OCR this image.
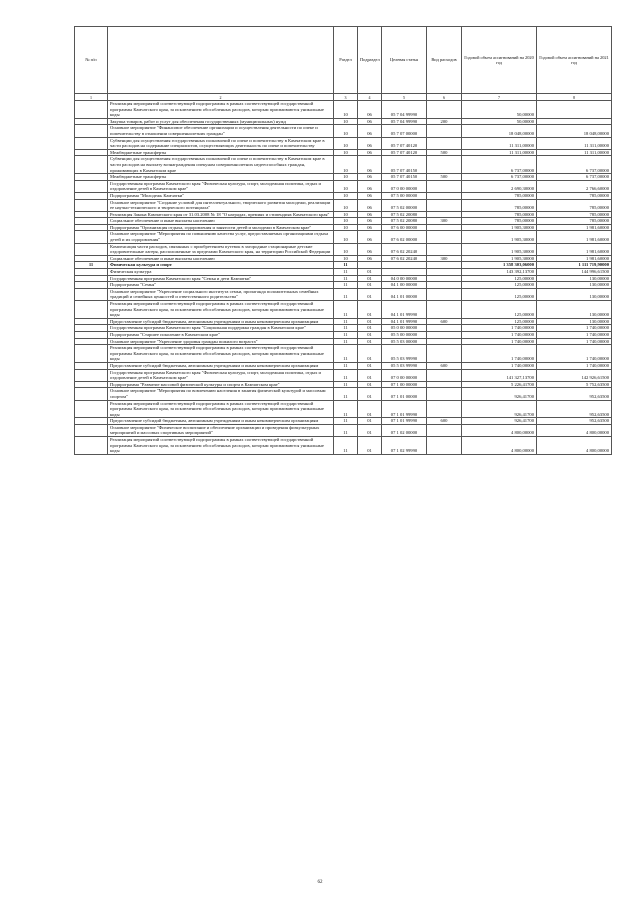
№ п/п		Раздел	Подраздел	Целевая статья	Вид расходов	Годовой объем ассигнований на 2020 год	Годовой объем ассигнований на 2021 год
1	2	3	4	5	6	7	8
	Реализация мероприятий соответствующей подпрограммы в рамках соответствующей государственной программы Камчатского края, за исключением обособленных расходов, которым присваиваются уникальные коды	10	06	05 7 04 99990		50,00000	
	Закупка товаров, работ и услуг для обеспечения государственных (муниципальных) нужд	10	06	05 7 04 99990	200	50,00000	
	Основное мероприятие "Финансовое обеспечение организации и осуществления деятельности по опеке и попечительству в отношении совершеннолетних граждан"	10	06	05 7 07 00000		18 048,00000	18 048,00000
	Субвенции для осуществления государственных полномочий по опеке и попечительству в Камчатском крае в части расходов на содержание специалистов, осуществляющих деятельность по опеке и попечительству	10	06	05 7 07 40120		11 311,00000	11 311,00000
	Межбюджетные трансферты	10	06	05 7 07 40120	500	11 311,00000	11 311,00000
	Субвенции для осуществления государственных полномочий по опеке и попечительству в Камчатском крае в части расходов на выплату вознаграждения опекунам совершеннолетних недееспособных граждан, проживающих в Камчатском крае	10	06	05 7 07 40150		6 737,00000	6 737,00000
	Межбюджетные трансферты	10	06	05 7 07 40150	500	6 737,00000	6 737,00000
	Государственная программа Камчатского края "Физическая культура, спорт, молодежная политика, отдых и оздоровление детей в Камчатском крае"	10	06	07 0 00 00000		2 690,30000	2 766,60000
	Подпрограмма "Молодежь Камчатки"	10	06	07 5 00 00000		785,00000	785,00000
	Основное мероприятие "Создание условий для интеллектуального, творческого развития молодежи, реализации ее научно-технического и творческого потенциала"	10	06	07 5 02 00000		785,00000	785,00000
	Реализация Закона Камчатского края от 31.03.2008 № 18 "О наградах, премиях и стипендиях Камчатского края"	10	06	07 5 02 20080		785,00000	785,00000
	Социальное обеспечение и иные выплаты населению	10	06	07 5 02 20080	300	785,00000	785,00000
	Подпрограмма "Организация отдыха, оздоровления и занятости детей и молодежи в Камчатском крае"	10	06	07 6 00 00000		1 905,30000	1 981,60000
	Основное мероприятие "Мероприятия по повышению качества услуг, предоставляемых организациями отдыха детей и их оздоровления"	10	06	07 6 02 00000		1 905,30000	1 981,60000
	Компенсация части расходов, связанных с приобретением путевок в загородные стационарные детские оздоровительные лагеря, расположенные за пределами Камчатского края, на территории Российской Федерации	10	06	07 6 02 20240		1 905,30000	1 981,60000
	Социальное обеспечение и иные выплаты населению	10	06	07 6 02 20240	300	1 905,30000	1 981,60000
11	Физическая культура и спорт	11				1 358 303,06000	1 111 719,90000
	Физическая культура	11	01			143 392,13700	144 996,61500
	Государственная программа Камчатского края "Семья и дети Камчатки"	11	01	04 0 00 00000		125,00000	130,00000
	Подпрограмма "Семья"	11	01	04 1 00 00000		125,00000	130,00000
	Основное мероприятие "Укрепление социального института семьи, пропаганда положительных семейных традиций и семейных ценностей и ответственного родительства"	11	01	04 1 01 00000		125,00000	130,00000
	Реализация мероприятий соответствующей подпрограммы в рамках соответствующей государственной программы Камчатского края, за исключением обособленных расходов, которым присваиваются уникальные коды	11	01	04 1 01 99990		125,00000	130,00000
	Предоставление субсидий бюджетным, автономным учреждениям и иным некоммерческим организациям	11	01	04 1 01 99990	600	125,00000	130,00000
	Государственная программа Камчатского края "Социальная поддержка граждан в Камчатском крае"	11	01	05 0 00 00000		1 740,00000	1 740,00000
	Подпрограмма "Старшее поколение в Камчатском крае"	11	01	05 5 00 00000		1 740,00000	1 740,00000
	Основное мероприятие "Укрепление здоровья граждан пожилого возраста"	11	01	05 5 03 00000		1 740,00000	1 740,00000
	Реализация мероприятий соответствующей подпрограммы в рамках соответствующей государственной программы Камчатского края, за исключением обособленных расходов, которым присваиваются уникальные коды	11	01	05 5 03 99990		1 740,00000	1 740,00000
	Предоставление субсидий бюджетным, автономным учреждениям и иным некоммерческим организациям	11	01	05 5 03 99990	600	1 740,00000	1 740,00000
	Государственная программа Камчатского края "Физическая культура, спорт, молодежная политика, отдых и оздоровление детей в Камчатском крае"	11	01	07 0 00 00000		141 327,13700	142 926,61500
	Подпрограмма "Развитие массовой физической культуры и спорта в Камчатском крае"	11	01	07 1 00 00000		5 226,41700	5 752,63500
	Основное мероприятие "Мероприятия по вовлечению населения в занятия физической культурой и массовым спортом"	11	01	07 1 01 00000		926,41700	952,63500
	Реализация мероприятий соответствующей подпрограммы в рамках соответствующей государственной программы Камчатского края, за исключением обособленных расходов, которым присваиваются уникальные коды	11	01	07 1 01 99990		926,41700	952,63500
	Предоставление субсидий бюджетным, автономным учреждениям и иным некоммерческим организациям	11	01	07 1 01 99990	600	926,41700	952,63500
	Основное мероприятие "Физическое воспитание и обеспечение организации и проведения физкультурных мероприятий и массовых спортивных мероприятий"	11	01	07 1 02 00000		4 800,00000	4 800,00000
	Реализация мероприятий соответствующей подпрограммы в рамках соответствующей государственной программы Камчатского края, за исключением обособленных расходов, которым присваиваются уникальные коды	11	01	07 1 02 99990		4 800,00000	4 800,00000
62
